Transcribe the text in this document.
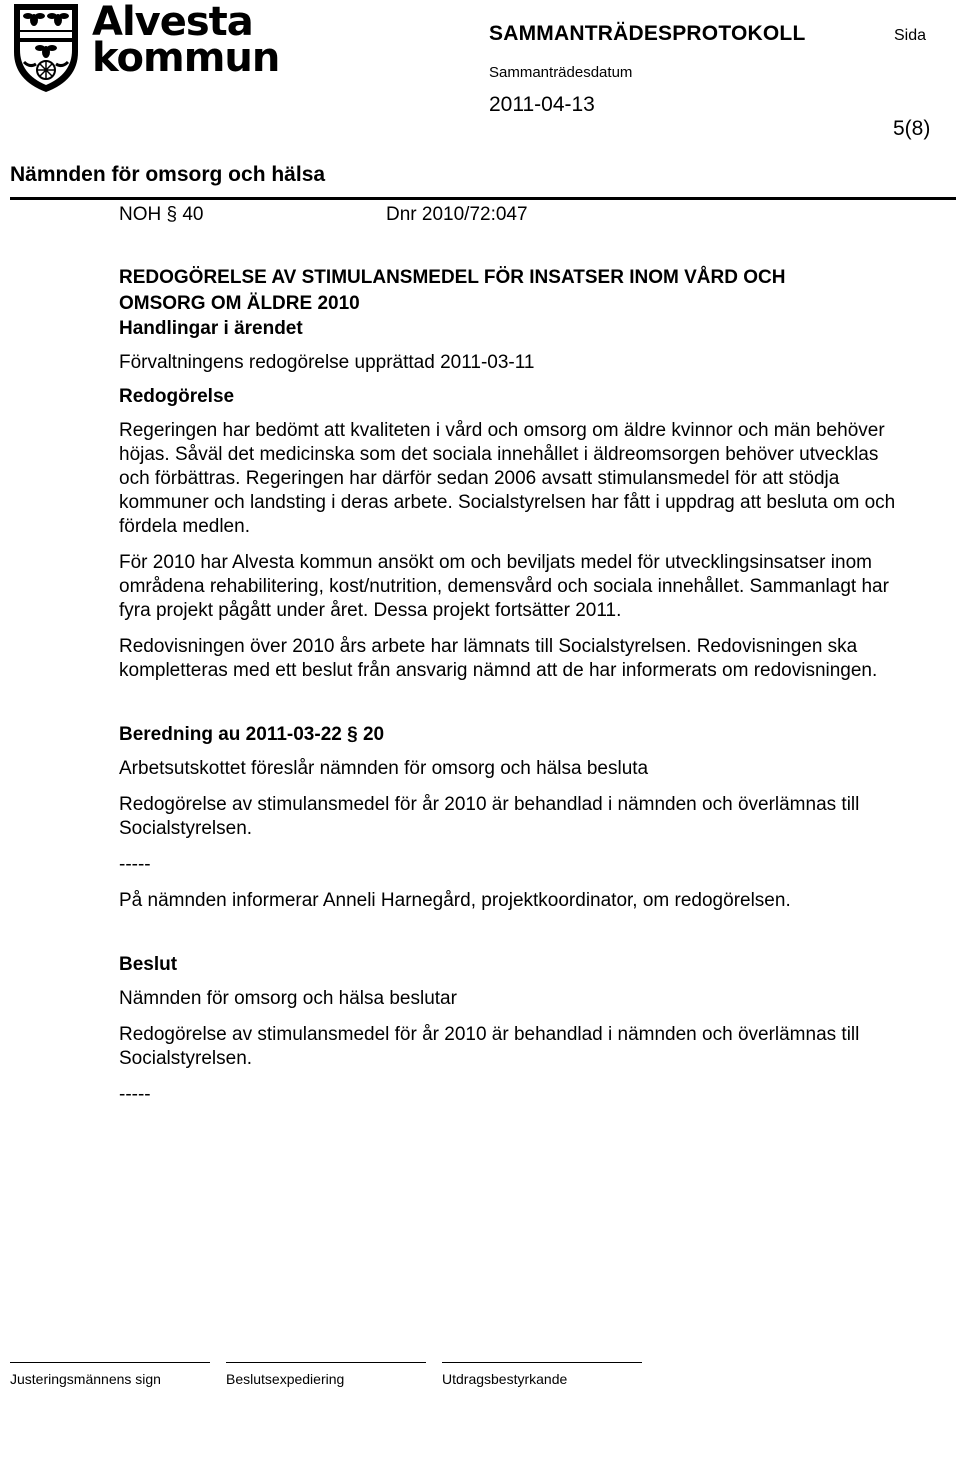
Alvesta
kommun
SAMMANTRÄDESPROTOKOLL	Sida
Sammanträdesdatum
2011-04-13
5(8)
Nämnden för omsorg och hälsa
NOH § 40	Dnr 2010/72:047
REDOGÖRELSE AV STIMULANSMEDEL FÖR INSATSER INOM VÅRD OCH
OMSORG OM ÄLDRE 2010
Handlingar i ärendet

Förvaltningens redogörelse upprättad 2011-03-11

Redogörelse

Regeringen har bedömt att kvaliteten i vård och omsorg om äldre kvinnor och män behöver höjas. Såväl det medicinska som det sociala innehållet i äldreomsorgen behöver utvecklas och förbättras. Regeringen har därför sedan 2006 avsatt stimulansmedel för att stödja kommuner och landsting i deras arbete. Socialstyrelsen har fått i uppdrag att besluta om och fördela medlen.

För 2010 har Alvesta kommun ansökt om och beviljats medel för utvecklingsinsatser inom områdena rehabilitering, kost/nutrition, demensvård och sociala innehållet. Sammanlagt har fyra projekt pågått under året. Dessa projekt fortsätter 2011.

Redovisningen över 2010 års arbete har lämnats till Socialstyrelsen. Redovisningen ska kompletteras med ett beslut från ansvarig nämnd att de har informerats om redovisningen.

Beredning au 2011-03-22 § 20

Arbetsutskottet föreslår nämnden för omsorg och hälsa besluta

Redogörelse av stimulansmedel för år 2010 är behandlad i nämnden och överlämnas till Socialstyrelsen.

-----

På nämnden informerar Anneli Harnegård, projektkoordinator, om redogörelsen.

Beslut

Nämnden för omsorg och hälsa beslutar

Redogörelse av stimulansmedel för år 2010 är behandlad i nämnden och överlämnas till Socialstyrelsen.

-----

Justeringsmännens sign	Beslutsexpediering	Utdragsbestyrkande
